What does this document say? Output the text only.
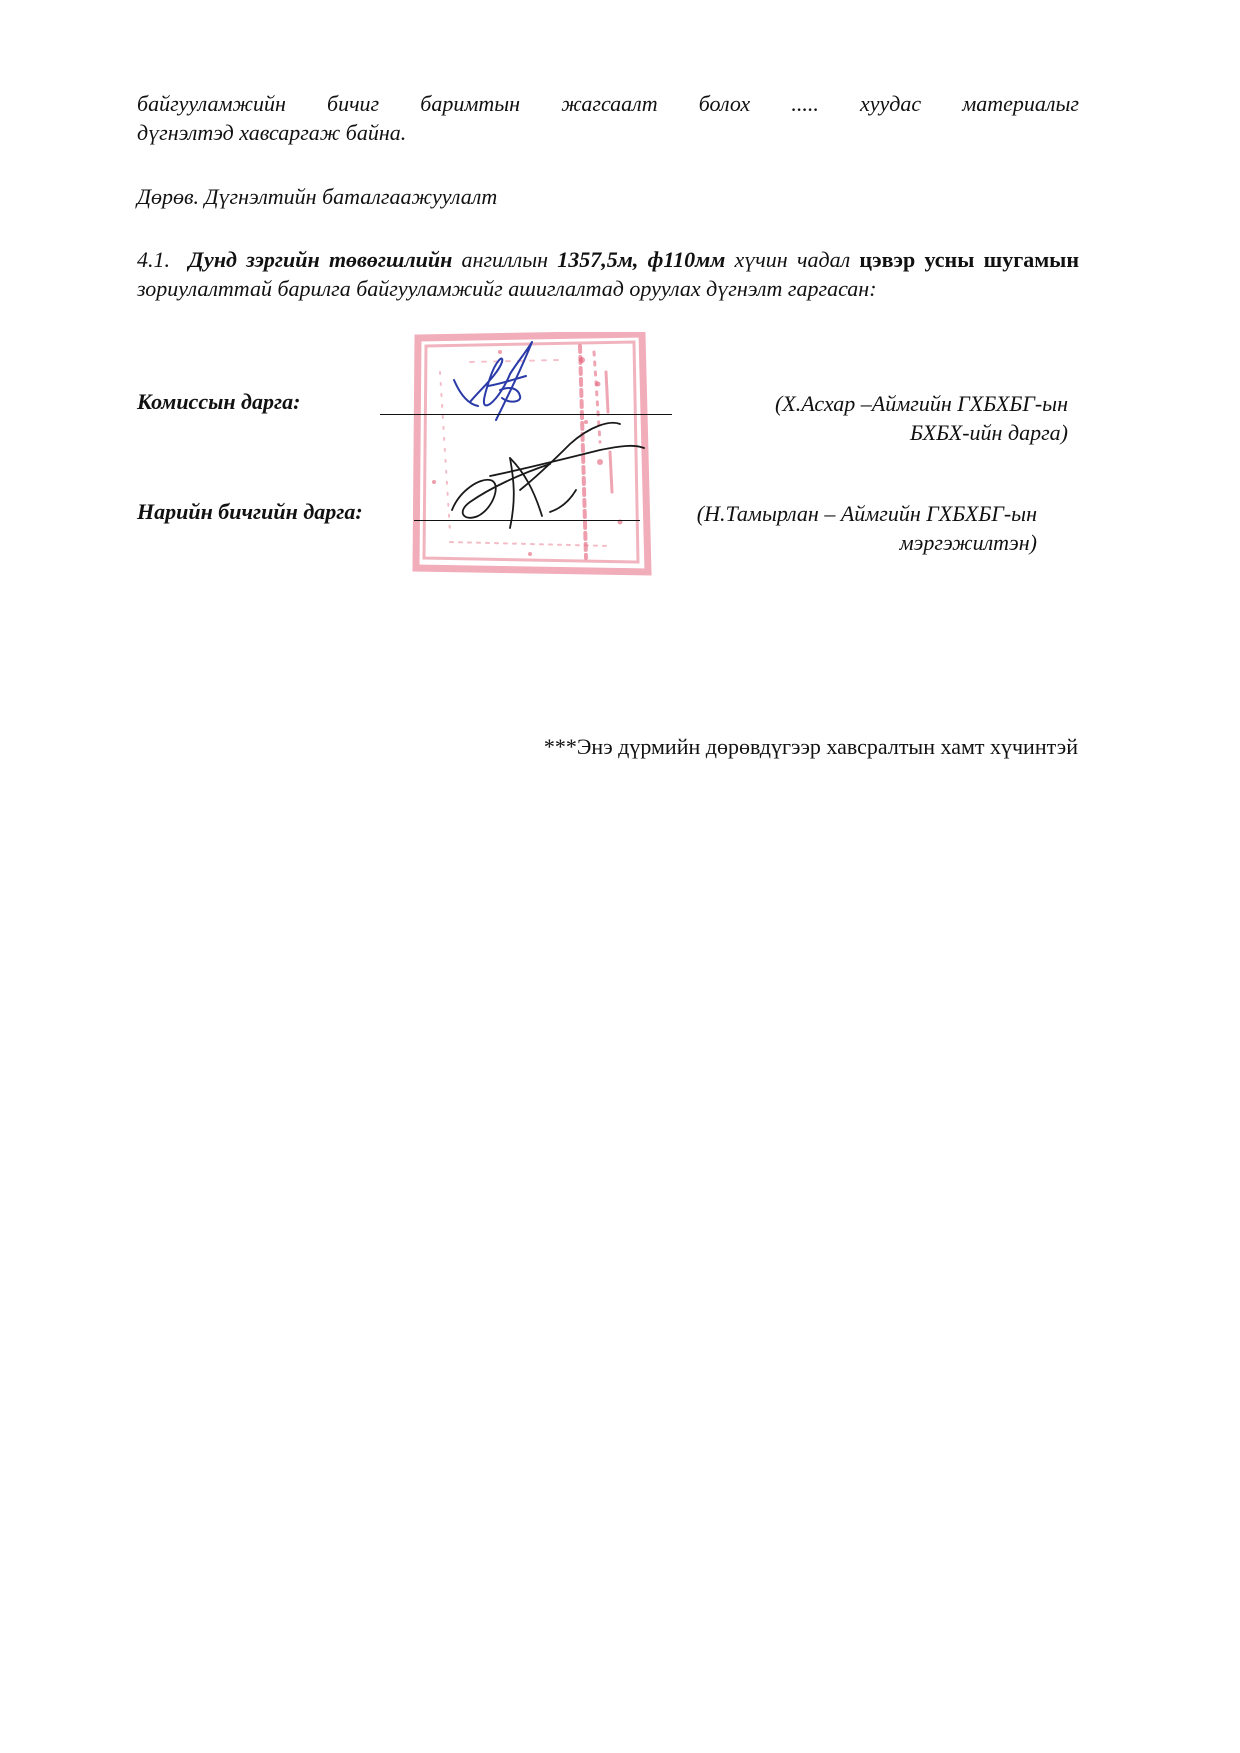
байгууламжийн бичиг баримтын жагсаалт болох ..... хуудас материалыг
дүгнэлтэд хавсаргаж байна.
Дөрөв. Дүгнэлтийн баталгаажуулалт
4.1. Дунд зэргийн төвөгшлийн ангиллын 1357,5м, ф110мм хүчин чадал цэвэр усны шугамын зориулалттай барилга байгууламжийг ашиглалтад оруулах дүгнэлт гаргасан:
Комиссын дарга:	(Х.Асхар –Аймгийн ГХБХБГ-ын
БХБХ-ийн дарга)
Нарийн бичгийн дарга:	(Н.Тамырлан – Аймгийн ГХБХБГ-ын
мэргэжилтэн)
***Энэ дүрмийн дөрөвдүгээр хавсралтын хамт хүчинтэй
